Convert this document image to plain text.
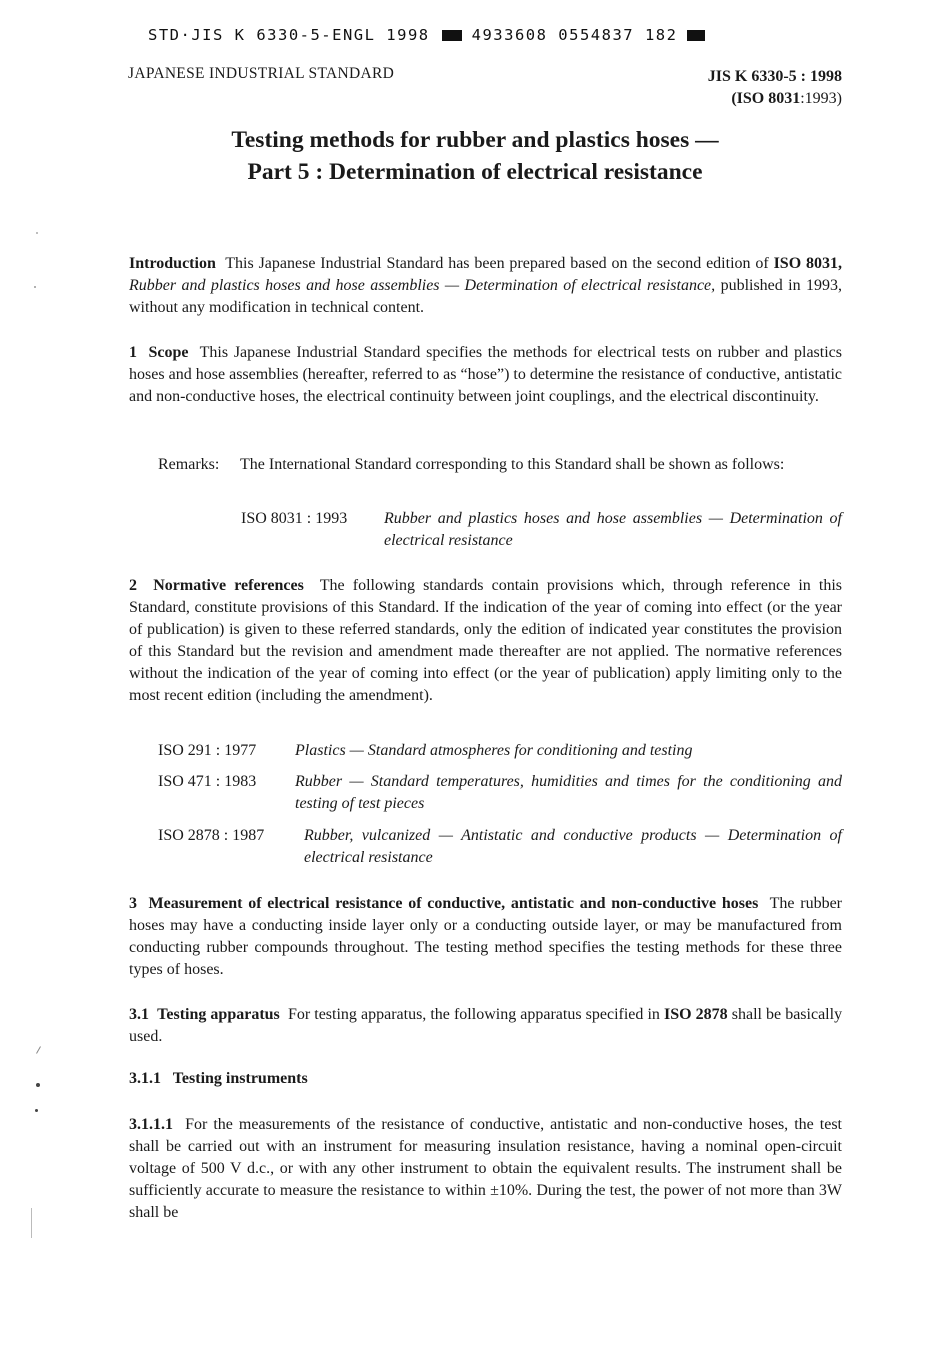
STD·JIS K 6330-5-ENGL 1998	4933608 0554837 182
JAPANESE INDUSTRIAL STANDARD	JIS K 6330-5 : 1998
(ISO 8031:1993)
Testing methods for rubber and plastics hoses —
Part 5 : Determination of electrical resistance
Introduction This Japanese Industrial Standard has been prepared based on the second edition of ISO 8031, Rubber and plastics hoses and hose assemblies — Determination of electrical resistance, published in 1993, without any modification in technical content.
1 Scope This Japanese Industrial Standard specifies the methods for electrical tests on rubber and plastics hoses and hose assemblies (hereafter, referred to as “hose”) to determine the resistance of conductive, antistatic and non-conductive hoses, the electrical continuity between joint couplings, and the electrical discontinuity.
Remarks: The International Standard corresponding to this Standard shall be shown as follows:
ISO 8031 : 1993 Rubber and plastics hoses and hose assemblies — Determination of electrical resistance
2 Normative references The following standards contain provisions which, through reference in this Standard, constitute provisions of this Standard. If the indication of the year of coming into effect (or the year of publication) is given to these referred standards, only the edition of indicated year constitutes the provision of this Standard but the revision and amendment made thereafter are not applied. The normative references without the indication of the year of coming into effect (or the year of publication) apply limiting only to the most recent edition (including the amendment).
ISO 291 : 1977 Plastics — Standard atmospheres for conditioning and testing
ISO 471 : 1983 Rubber — Standard temperatures, humidities and times for the conditioning and testing of test pieces
ISO 2878 : 1987 Rubber, vulcanized — Antistatic and conductive products — Determination of electrical resistance
3 Measurement of electrical resistance of conductive, antistatic and non-conductive hoses The rubber hoses may have a conducting inside layer only or a conducting outside layer, or may be manufactured from conducting rubber compounds throughout. The testing method specifies the testing methods for these three types of hoses.
3.1 Testing apparatus For testing apparatus, the following apparatus specified in ISO 2878 shall be basically used.
3.1.1 Testing instruments
3.1.1.1 For the measurements of the resistance of conductive, antistatic and non-conductive hoses, the test shall be carried out with an instrument for measuring insulation resistance, having a nominal open-circuit voltage of 500 V d.c., or with any other instrument to obtain the equivalent results. The instrument shall be sufficiently accurate to measure the resistance to within ±10%. During the test, the power of not more than 3W shall be
